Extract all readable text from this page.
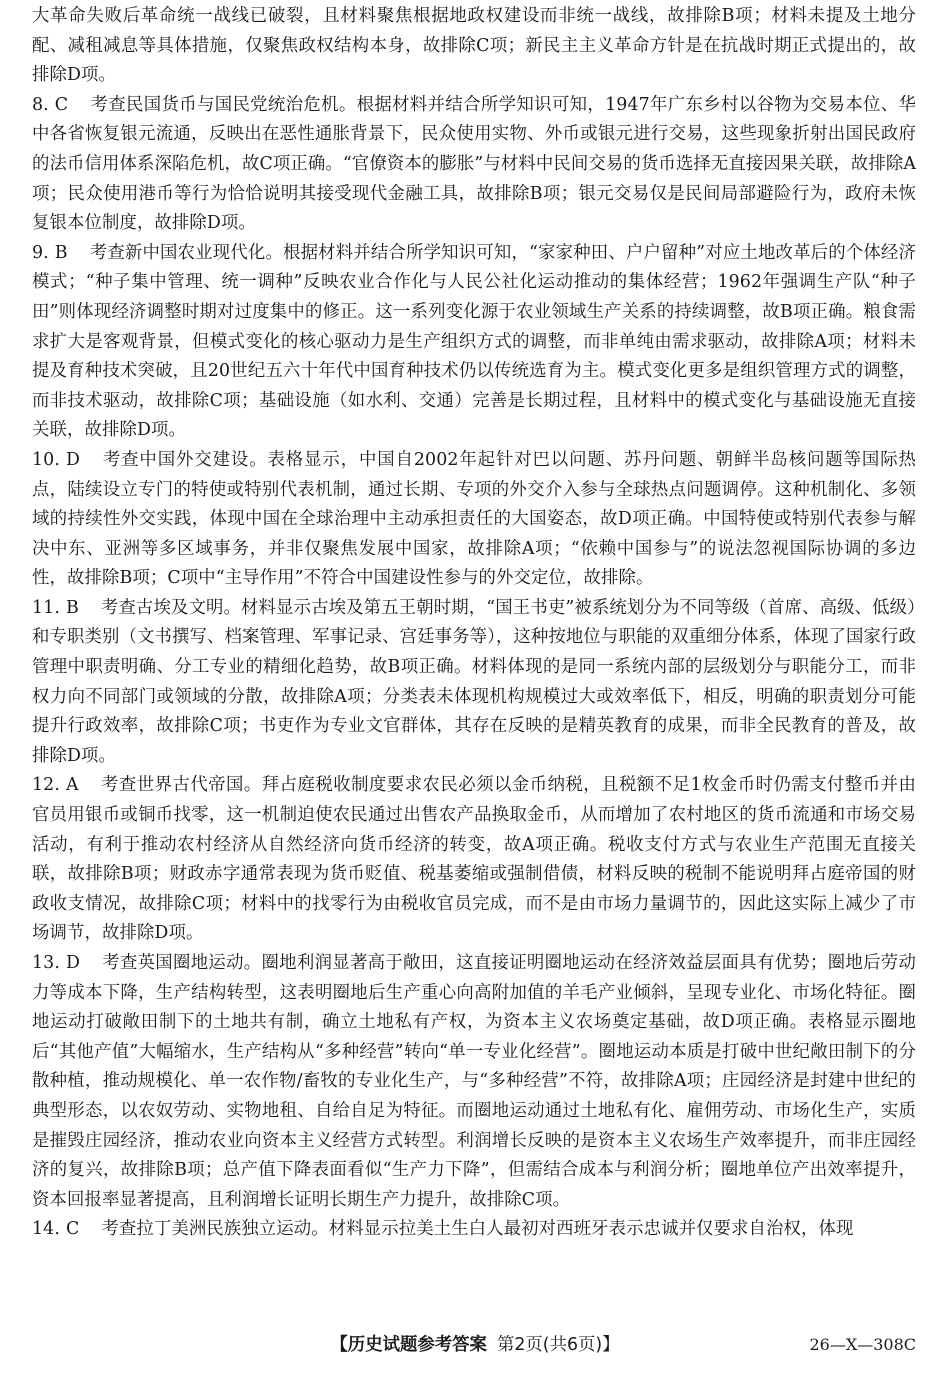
大革命失败后革命统一战线已破裂，且材料聚焦根据地政权建设而非统一战线，故排除B项；材料未提及土地分配、减租减息等具体措施，仅聚焦政权结构本身，故排除C项；新民主主义革命方针是在抗战时期正式提出的，故排除D项。

8. C 考查民国货币与国民党统治危机。根据材料并结合所学知识可知，1947年广东乡村以谷物为交易本位、华中各省恢复银元流通，反映出在恶性通胀背景下，民众使用实物、外币或银元进行交易，这些现象折射出国民政府的法币信用体系深陷危机，故C项正确。“官僚资本的膨胀”与材料中民间交易的货币选择无直接因果关联，故排除A项；民众使用港币等行为恰恰说明其接受现代金融工具，故排除B项；银元交易仅是民间局部避险行为，政府未恢复银本位制度，故排除D项。

9. B 考查新中国农业现代化。根据材料并结合所学知识可知，“家家种田、户户留种”对应土地改革后的个体经济模式；“种子集中管理、统一调种”反映农业合作化与人民公社化运动推动的集体经营；1962年强调生产队“种子田”则体现经济调整时期对过度集中的修正。这一系列变化源于农业领域生产关系的持续调整，故B项正确。粮食需求扩大是客观背景，但模式变化的核心驱动力是生产组织方式的调整，而非单纯由需求驱动，故排除A项；材料未提及育种技术突破，且20世纪五六十年代中国育种技术仍以传统选育为主。模式变化更多是组织管理方式的调整，而非技术驱动，故排除C项；基础设施（如水利、交通）完善是长期过程，且材料中的模式变化与基础设施无直接关联，故排除D项。

10. D 考查中国外交建设。表格显示，中国自2002年起针对巴以问题、苏丹问题、朝鲜半岛核问题等国际热点，陆续设立专门的特使或特别代表机制，通过长期、专项的外交介入参与全球热点问题调停。这种机制化、多领域的持续性外交实践，体现中国在全球治理中主动承担责任的大国姿态，故D项正确。中国特使或特别代表参与解决中东、亚洲等多区域事务，并非仅聚焦发展中国家，故排除A项；“依赖中国参与”的说法忽视国际协调的多边性，故排除B项；C项中“主导作用”不符合中国建设性参与的外交定位，故排除。

11. B 考查古埃及文明。材料显示古埃及第五王朝时期，“国王书吏”被系统划分为不同等级（首席、高级、低级）和专职类别（文书撰写、档案管理、军事记录、宫廷事务等），这种按地位与职能的双重细分体系，体现了国家行政管理中职责明确、分工专业的精细化趋势，故B项正确。材料体现的是同一系统内部的层级划分与职能分工，而非权力向不同部门或领域的分散，故排除A项；分类表未体现机构规模过大或效率低下，相反，明确的职责划分可能提升行政效率，故排除C项；书吏作为专业文官群体，其存在反映的是精英教育的成果，而非全民教育的普及，故排除D项。

12. A 考查世界古代帝国。拜占庭税收制度要求农民必须以金币纳税，且税额不足1枚金币时仍需支付整币并由官员用银币或铜币找零，这一机制迫使农民通过出售农产品换取金币，从而增加了农村地区的货币流通和市场交易活动，有利于推动农村经济从自然经济向货币经济的转变，故A项正确。税收支付方式与农业生产范围无直接关联，故排除B项；财政赤字通常表现为货币贬值、税基萎缩或强制借债，材料反映的税制不能说明拜占庭帝国的财政收支情况，故排除C项；材料中的找零行为由税收官员完成，而不是由市场力量调节的，因此这实际上减少了市场调节，故排除D项。

13. D 考查英国圈地运动。圈地利润显著高于敞田，这直接证明圈地运动在经济效益层面具有优势；圈地后劳动力等成本下降，生产结构转型，这表明圈地后生产重心向高附加值的羊毛产业倾斜，呈现专业化、市场化特征。圈地运动打破敞田制下的土地共有制，确立土地私有产权，为资本主义农场奠定基础，故D项正确。表格显示圈地后“其他产值”大幅缩水，生产结构从“多种经营”转向“单一专业化经营”。圈地运动本质是打破中世纪敞田制下的分散种植，推动规模化、单一农作物/畜牧的专业化生产，与“多种经营”不符，故排除A项；庄园经济是封建中世纪的典型形态，以农奴劳动、实物地租、自给自足为特征。而圈地运动通过土地私有化、雇佣劳动、市场化生产，实质是摧毁庄园经济，推动农业向资本主义经营方式转型。利润增长反映的是资本主义农场生产效率提升，而非庄园经济的复兴，故排除B项；总产值下降表面看似“生产力下降”，但需结合成本与利润分析；圈地单位产出效率提升，资本回报率显著提高，且利润增长证明长期生产力提升，故排除C项。

14. C 考查拉丁美洲民族独立运动。材料显示拉美土生白人最初对西班牙表示忠诚并仅要求自治权，体现

【历史试题参考答案 第2页(共6页)】	26—X—308C
